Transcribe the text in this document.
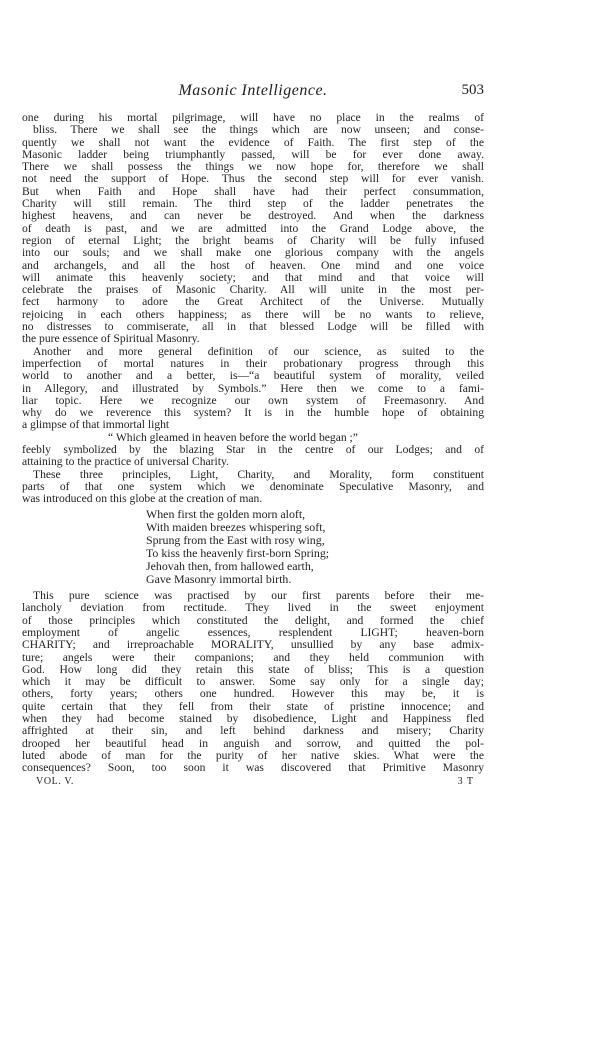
Masonic Intelligence.	503
one during his mortal pilgrimage, will have no place in the realms of
bliss. There we shall see the things which are now unseen; and conse-
quently we shall not want the evidence of Faith. The first step of the
Masonic ladder being triumphantly passed, will be for ever done away.
There we shall possess the things we now hope for, therefore we shall
not need the support of Hope. Thus the second step will for ever vanish.
But when Faith and Hope shall have had their perfect consummation,
Charity will still remain. The third step of the ladder penetrates the
highest heavens, and can never be destroyed. And when the darkness
of death is past, and we are admitted into the Grand Lodge above, the
region of eternal Light; the bright beams of Charity will be fully infused
into our souls; and we shall make one glorious company with the angels
and archangels, and all the host of heaven. One mind and one voice
will animate this heavenly society; and that mind and that voice will
celebrate the praises of Masonic Charity. All will unite in the most per-
fect harmony to adore the Great Architect of the Universe. Mutually
rejoicing in each others happiness; as there will be no wants to relieve,
no distresses to commiserate, all in that blessed Lodge will be filled with
the pure essence of Spiritual Masonry.
Another and more general definition of our science, as suited to the
imperfection of mortal natures in their probationary progress through this
world to another and a better, is—“a beautiful system of morality, veiled
in Allegory, and illustrated by Symbols.” Here then we come to a fami-
liar topic. Here we recognize our own system of Freemasonry. And
why do we reverence this system? It is in the humble hope of obtaining
a glimpse of that immortal light
“ Which gleamed in heaven before the world began ;”
feebly symbolized by the blazing Star in the centre of our Lodges; and of
attaining to the practice of universal Charity.
These three principles, Light, Charity, and Morality, form constituent
parts of that one system which we denominate Speculative Masonry, and
was introduced on this globe at the creation of man.
When first the golden morn aloft,
With maiden breezes whispering soft,
Sprung from the East with rosy wing,
To kiss the heavenly first-born Spring;
Jehovah then, from hallowed earth,
Gave Masonry immortal birth.
This pure science was practised by our first parents before their me-
lancholy deviation from rectitude. They lived in the sweet enjoyment
of those principles which constituted the delight, and formed the chief
employment of angelic essences, resplendent LIGHT; heaven-born
CHARITY; and irreproachable MORALITY, unsullied by any base admix-
ture; angels were their companions; and they held communion with
God. How long did they retain this state of bliss; This is a question
which it may be difficult to answer. Some say only for a single day;
others, forty years; others one hundred. However this may be, it is
quite certain that they fell from their state of pristine innocence; and
when they had become stained by disobedience, Light and Happiness fled
affrighted at their sin, and left behind darkness and misery; Charity
drooped her beautiful head in anguish and sorrow, and quitted the pol-
luted abode of man for the purity of her native skies. What were the
consequences? Soon, too soon it was discovered that Primitive Masonry
VOL. V.	3 T
